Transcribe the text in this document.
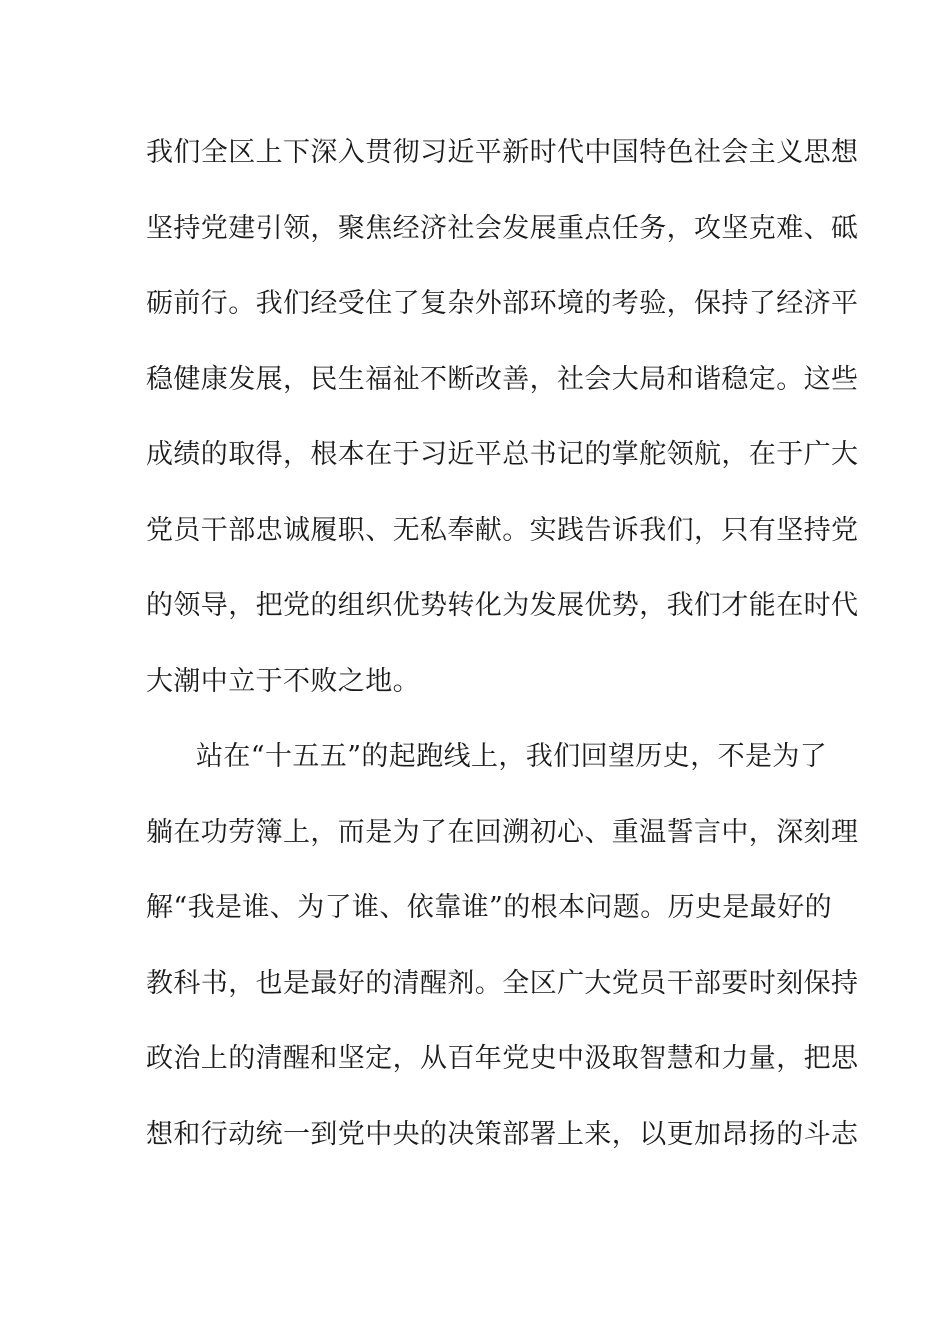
我们全区上下深入贯彻习近平新时代中国特色社会主义思想
坚持党建引领，聚焦经济社会发展重点任务，攻坚克难、砥
砺前行。我们经受住了复杂外部环境的考验，保持了经济平
稳健康发展，民生福祉不断改善，社会大局和谐稳定。这些
成绩的取得，根本在于习近平总书记的掌舵领航，在于广大
党员干部忠诚履职、无私奉献。实践告诉我们，只有坚持党
的领导，把党的组织优势转化为发展优势，我们才能在时代
大潮中立于不败之地。
站在“十五五”的起跑线上，我们回望历史，不是为了
躺在功劳簿上，而是为了在回溯初心、重温誓言中，深刻理
解“我是谁、为了谁、依靠谁”的根本问题。历史是最好的
教科书，也是最好的清醒剂。全区广大党员干部要时刻保持
政治上的清醒和坚定，从百年党史中汲取智慧和力量，把思
想和行动统一到党中央的决策部署上来，以更加昂扬的斗志
